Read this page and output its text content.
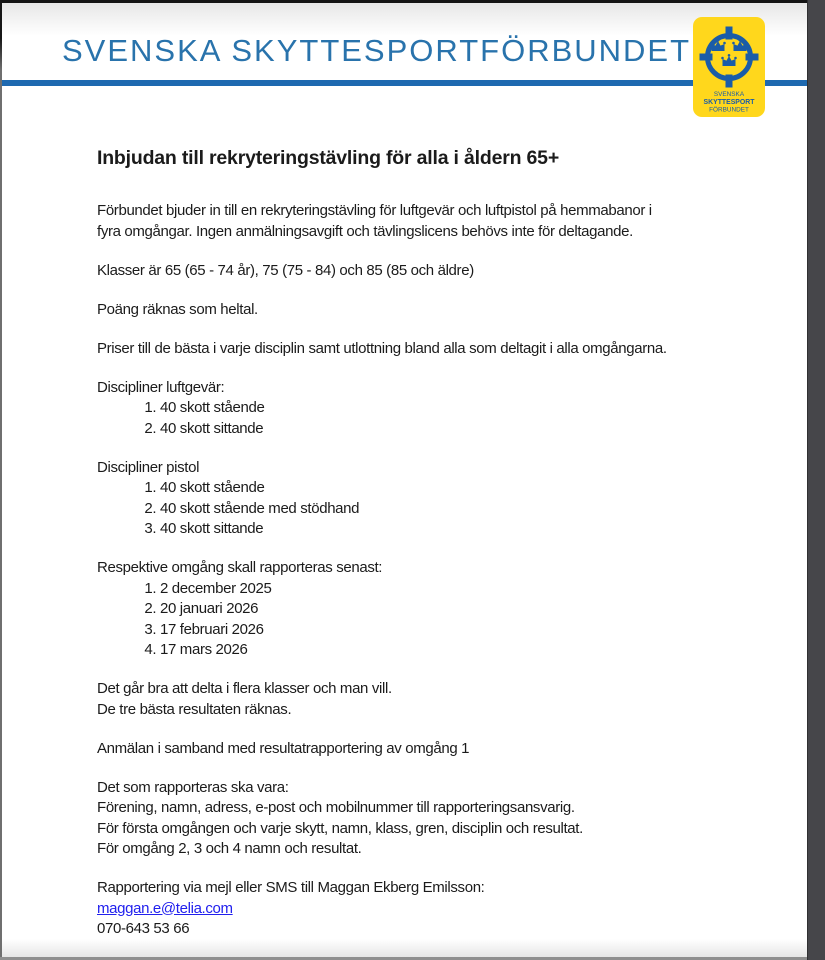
SVENSKA SKYTTESPORTFÖRBUNDET
SVENSKA
SKYTTESPORT
FÖRBUNDET
Inbjudan till rekryteringstävling för alla i åldern 65+

Förbundet bjuder in till en rekryteringstävling för luftgevär och luftpistol på hemmabanor i
fyra omgångar. Ingen anmälningsavgift och tävlingslicens behövs inte för deltagande.

Klasser är 65 (65 - 74 år), 75 (75 - 84) och 85 (85 och äldre)

Poäng räknas som heltal.

Priser till de bästa i varje disciplin samt utlottning bland alla som deltagit i alla omgångarna.

Discipliner luftgevär:
1. 40 skott stående
2. 40 skott sittande
Discipliner pistol
1. 40 skott stående
2. 40 skott stående med stödhand
3. 40 skott sittande
Respektive omgång skall rapporteras senast:
1. 2 december 2025
2. 20 januari 2026
3. 17 februari 2026
4. 17 mars 2026

Det går bra att delta i flera klasser och man vill.
De tre bästa resultaten räknas.

Anmälan i samband med resultatrapportering av omgång 1

Det som rapporteras ska vara:
Förening, namn, adress, e-post och mobilnummer till rapporteringsansvarig.
För första omgången och varje skytt, namn, klass, gren, disciplin och resultat.
För omgång 2, 3 och 4 namn och resultat.

Rapportering via mejl eller SMS till Maggan Ekberg Emilsson:
maggan.e@telia.com
070-643 53 66
